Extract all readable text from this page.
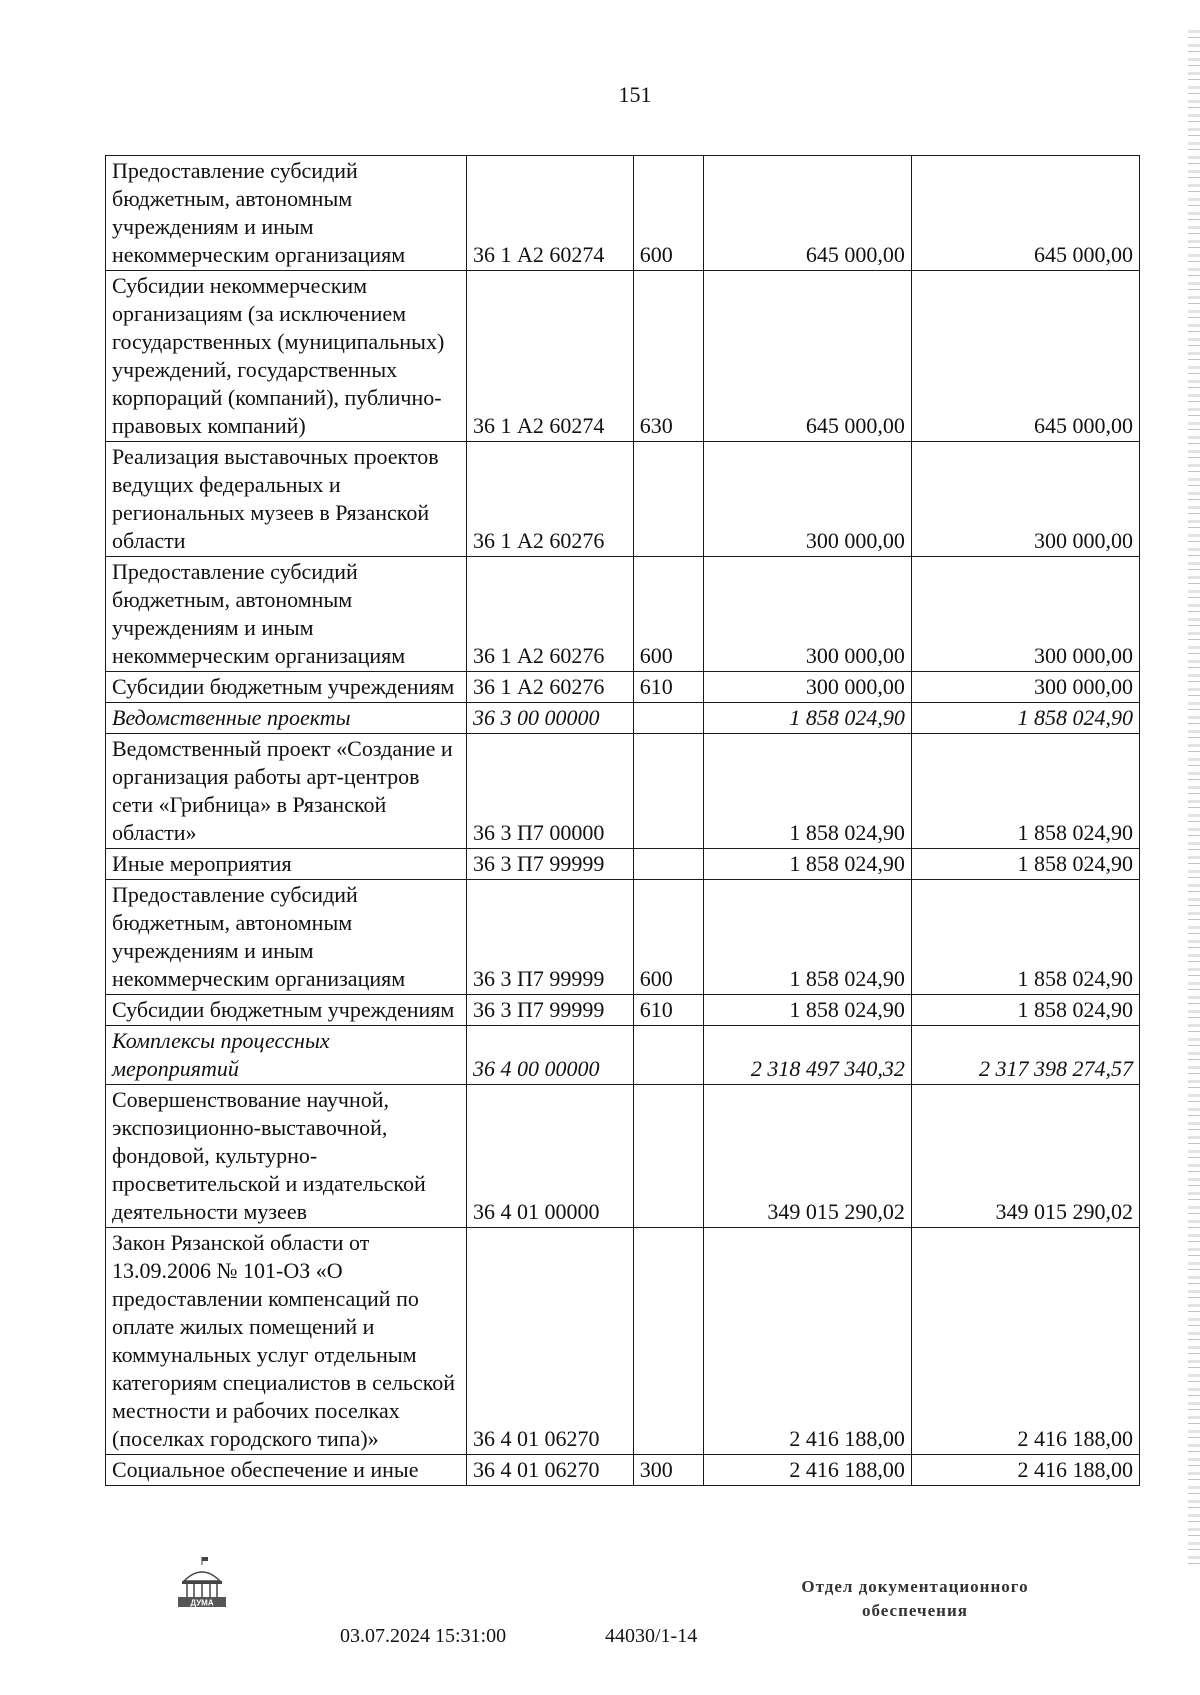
151
Предоставление субсидий бюджетным, автономным учреждениям и иным некоммерческим организациям	36 1 А2 60274	600	645 000,00	645 000,00
Субсидии некоммерческим организациям (за исключением государственных (муниципальных) учреждений, государственных корпораций (компаний), публично-правовых компаний)	36 1 А2 60274	630	645 000,00	645 000,00
Реализация выставочных проектов ведущих федеральных и региональных музеев в Рязанской области	36 1 А2 60276		300 000,00	300 000,00
Предоставление субсидий бюджетным, автономным учреждениям и иным некоммерческим организациям	36 1 А2 60276	600	300 000,00	300 000,00
Субсидии бюджетным учреждениям	36 1 А2 60276	610	300 000,00	300 000,00
Ведомственные проекты	36 3 00 00000		1 858 024,90	1 858 024,90
Ведомственный проект «Создание и организация работы арт-центров сети «Грибница» в Рязанской области»	36 3 П7 00000		1 858 024,90	1 858 024,90
Иные мероприятия	36 3 П7 99999		1 858 024,90	1 858 024,90
Предоставление субсидий бюджетным, автономным учреждениям и иным некоммерческим организациям	36 3 П7 99999	600	1 858 024,90	1 858 024,90
Субсидии бюджетным учреждениям	36 3 П7 99999	610	1 858 024,90	1 858 024,90
Комплексы процессных мероприятий	36 4 00 00000		2 318 497 340,32	2 317 398 274,57
Совершенствование научной, экспозиционно-выставочной, фондовой, культурно-просветительской и издательской деятельности музеев	36 4 01 00000		349 015 290,02	349 015 290,02
Закон Рязанской области от 13.09.2006 № 101-ОЗ «О предоставлении компенсаций по оплате жилых помещений и коммунальных услуг отдельным категориям специалистов в сельской местности и рабочих поселках (поселках городского типа)»	36 4 01 06270		2 416 188,00	2 416 188,00
Социальное обеспечение и иные	36 4 01 06270	300	2 416 188,00	2 416 188,00
ДУМА
03.07.2024 15:31:00	44030/1-14
Отдел документационного
обеспечения
